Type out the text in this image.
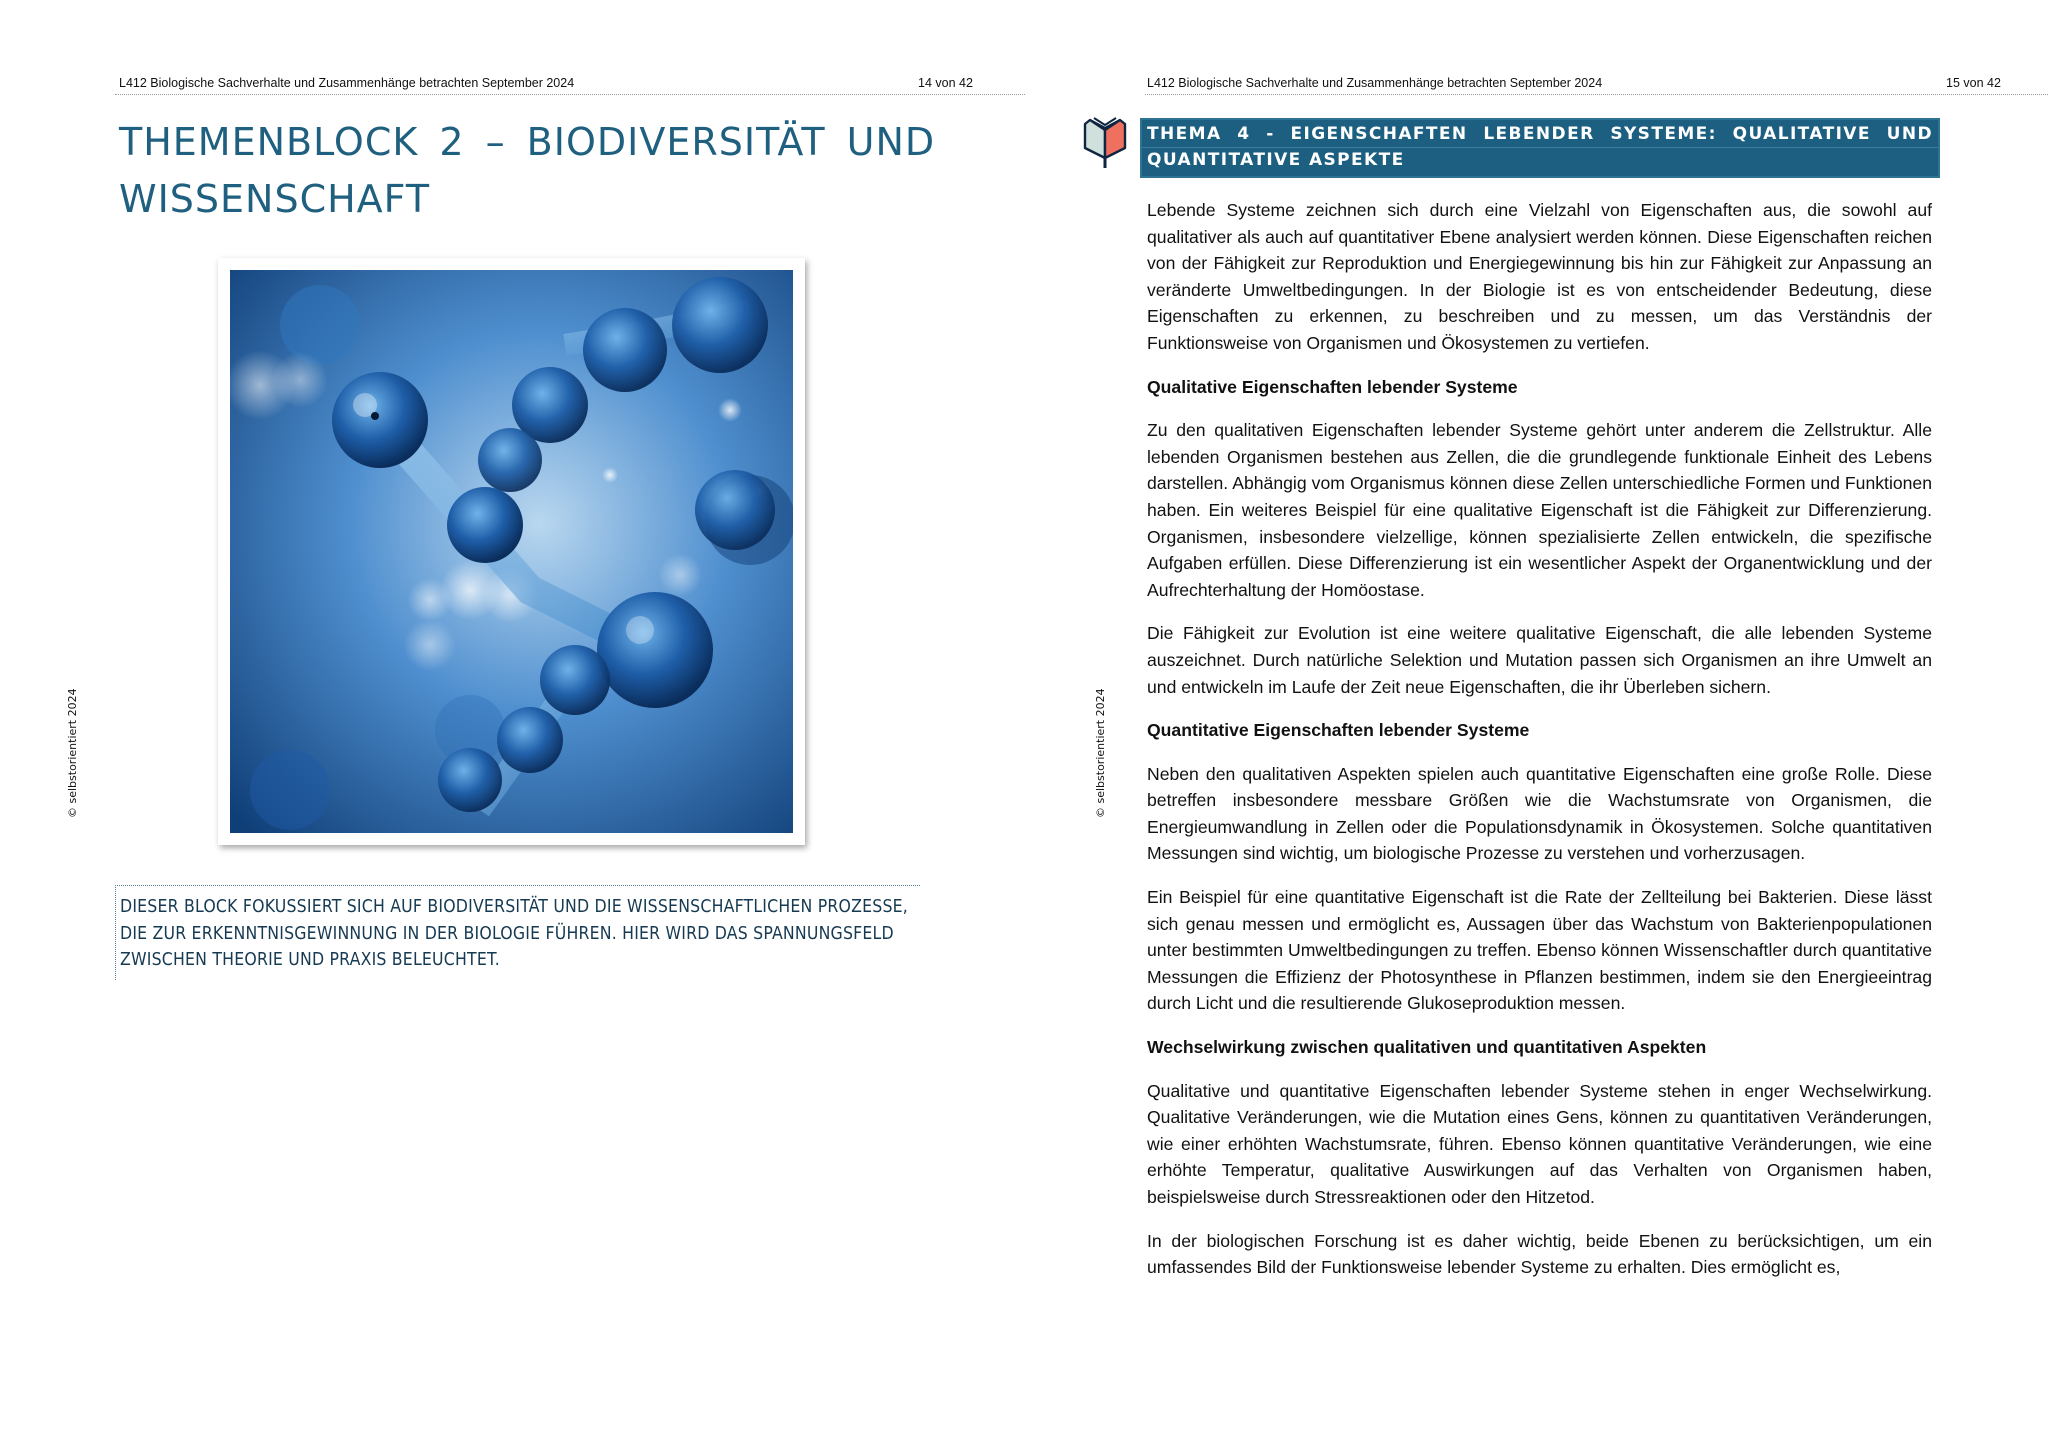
L412 Biologische Sachverhalte und Zusammenhänge betrachten September 2024	14 von 42
THEMENBLOCK 2 – BIODIVERSITÄT UND
WISSENSCHAFT
DIESER BLOCK FOKUSSIERT SICH AUF BIODIVERSITÄT UND DIE WISSENSCHAFTLICHEN PROZESSE, DIE ZUR ERKENNTNISGEWINNUNG IN DER BIOLOGIE FÜHREN. HIER WIRD DAS SPANNUNGSFELD ZWISCHEN THEORIE UND PRAXIS BELEUCHTET.
© selbstorientiert 2024
L412 Biologische Sachverhalte und Zusammenhänge betrachten September 2024	15 von 42
THEMA 4 - EIGENSCHAFTEN LEBENDER SYSTEME: QUALITATIVE UND
QUANTITATIVE ASPEKTE

Lebende Systeme zeichnen sich durch eine Vielzahl von Eigenschaften aus, die sowohl auf qualitativer als auch auf quantitativer Ebene analysiert werden können. Diese Eigenschaften reichen von der Fähigkeit zur Reproduktion und Energiegewinnung bis hin zur Fähigkeit zur Anpassung an veränderte Umweltbedingungen. In der Biologie ist es von entscheidender Bedeutung, diese Eigenschaften zu erkennen, zu beschreiben und zu messen, um das Verständnis der Funktionsweise von Organismen und Ökosystemen zu vertiefen.

Qualitative Eigenschaften lebender Systeme

Zu den qualitativen Eigenschaften lebender Systeme gehört unter anderem die Zellstruktur. Alle lebenden Organismen bestehen aus Zellen, die die grundlegende funktionale Einheit des Lebens darstellen. Abhängig vom Organismus können diese Zellen unterschiedliche Formen und Funktionen haben. Ein weiteres Beispiel für eine qualitative Eigenschaft ist die Fähigkeit zur Differenzierung. Organismen, insbesondere vielzellige, können spezialisierte Zellen entwickeln, die spezifische Aufgaben erfüllen. Diese Differenzierung ist ein wesentlicher Aspekt der Organentwicklung und der Aufrechterhaltung der Homöostase.

Die Fähigkeit zur Evolution ist eine weitere qualitative Eigenschaft, die alle lebenden Systeme auszeichnet. Durch natürliche Selektion und Mutation passen sich Organismen an ihre Umwelt an und entwickeln im Laufe der Zeit neue Eigenschaften, die ihr Überleben sichern.

Quantitative Eigenschaften lebender Systeme

Neben den qualitativen Aspekten spielen auch quantitative Eigenschaften eine große Rolle. Diese betreffen insbesondere messbare Größen wie die Wachstumsrate von Organismen, die Energieumwandlung in Zellen oder die Populationsdynamik in Ökosystemen. Solche quantitativen Messungen sind wichtig, um biologische Prozesse zu verstehen und vorherzusagen.

Ein Beispiel für eine quantitative Eigenschaft ist die Rate der Zellteilung bei Bakterien. Diese lässt sich genau messen und ermöglicht es, Aussagen über das Wachstum von Bakterienpopulationen unter bestimmten Umweltbedingungen zu treffen. Ebenso können Wissenschaftler durch quantitative Messungen die Effizienz der Photosynthese in Pflanzen bestimmen, indem sie den Energieeintrag durch Licht und die resultierende Glukoseproduktion messen.

Wechselwirkung zwischen qualitativen und quantitativen Aspekten

Qualitative und quantitative Eigenschaften lebender Systeme stehen in enger Wechselwirkung. Qualitative Veränderungen, wie die Mutation eines Gens, können zu quantitativen Veränderungen, wie einer erhöhten Wachstumsrate, führen. Ebenso können quantitative Veränderungen, wie eine erhöhte Temperatur, qualitative Auswirkungen auf das Verhalten von Organismen haben, beispielsweise durch Stressreaktionen oder den Hitzetod.

In der biologischen Forschung ist es daher wichtig, beide Ebenen zu berücksichtigen, um ein umfassendes Bild der Funktionsweise lebender Systeme zu erhalten. Dies ermöglicht es,

© selbstorientiert 2024
